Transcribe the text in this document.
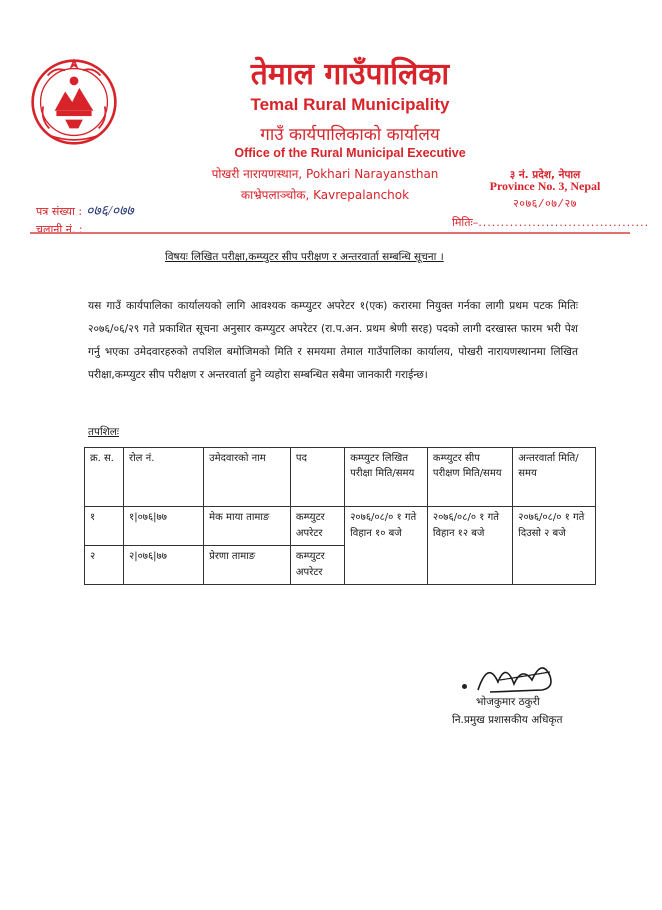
तेमाल गाउँपालिका
Temal Rural Municipality
गाउँ कार्यपालिकाको कार्यालय
Office of the Rural Municipal Executive
पोखरी नारायणस्थान, Pokhari Narayansthan
काभ्रेपलाञ्चोक, Kavrepalanchok
३ नं. प्रदेश, नेपाल
Province No. 3, Nepal
२०७६/०७/२७
पत्र संख्या : ०७६/०७७
चलानी नं. :
मितिः–......................................
विषयः लिखित परीक्षा,कम्प्युटर सीप परीक्षण र अन्तरवार्ता सम्बन्धि सूचना ।
यस गाउँ कार्यपालिका कार्यालयको लागि आवश्यक कम्प्युटर अपरेटर १(एक) करारमा नियुक्त गर्नका लागी प्रथम पटक मितिः २०७६/०६/२९ गते प्रकाशित सूचना अनुसार कम्प्युटर अपरेटर (रा.प.अन. प्रथम श्रेणी सरह) पदको लागी दरखास्त फारम भरी पेश गर्नु भएका उमेदवारहरुको तपशिल बमोजिमको मिति र समयमा तेमाल गाउँपालिका कार्यालय, पोखरी नारायणस्थानमा लिखित परीक्षा,कम्प्युटर सीप परीक्षण र अन्तरवार्ता हुने व्यहोरा सम्बन्धित सबैमा जानकारी गराईन्छ।
तपशिलः
क्र. स.	रोल नं.	उमेदवारको नाम	पद	कम्प्युटर लिखित परीक्षा मिति/समय	कम्प्युटर सीप परीक्षण मिति/समय	अन्तरवार्ता मिति/समय
१	१|०७६|७७	मेक माया तामाङ	कम्प्युटर अपरेटर	२०७६/०८/० १ गते विहान १० बजे	२०७६/०८/० १ गते विहान १२ बजे	२०७६/०८/० १ गते दिउसो २ बजे
२	२|०७६|७७	प्रेरणा तामाङ	कम्प्युटर अपरेटर			
भोजकुमार ठकुरी
नि.प्रमुख प्रशासकीय अधिकृत
